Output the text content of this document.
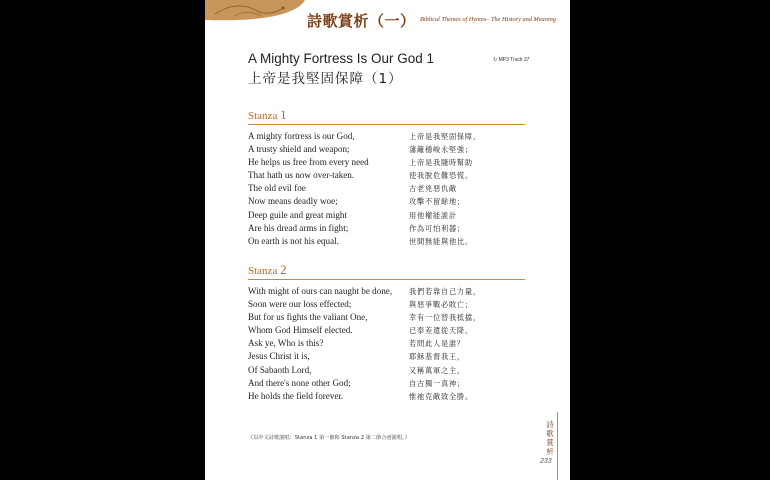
詩歌賞析（一） Biblical Themes of Hymns– The History and Meaning
A Mighty Fortress Is Our God 1
上帝是我堅固保障（1）
↻ MP3 Track 37
Stanza 1
A mighty fortress is our God,
A trusty shield and weapon;
He helps us free from every need
That hath us now over-taken.
The old evil foe
Now means deadly woe;
Deep guile and great might
Are his dread arms in fight;
On earth is not his equal.
上帝是我堅固保障，
藩籬穩峻永堅強；
上帝是我隨時幫助
使我脫危難恐慌。
古老兇惡仇敵
攻擊不留餘地；
用他權能詭計
作為可怕利器；
世間無能與他比。
Stanza 2
With might of ours can naught be done,
Soon were our loss effected;
But for us fights the valiant One,
Whom God Himself elected.
Ask ye, Who is this?
Jesus Christ it is,
Of Sabaoth Lord,
And there's none other God;
He holds the field forever.
我們若靠自己力量，
與惡爭戰必敗亡；
幸有一位替我抵擋，
已奉差遣從天降。
若問此人是誰？
耶穌基督我王，
又稱萬軍之主，
自古獨一真神；
惟祂克敵致全勝。
《以中文詩歌演唱：Stanza 1 第一節和 Stanza 2 第二節合爸演唱。》
詩
歌
賞
析
233
